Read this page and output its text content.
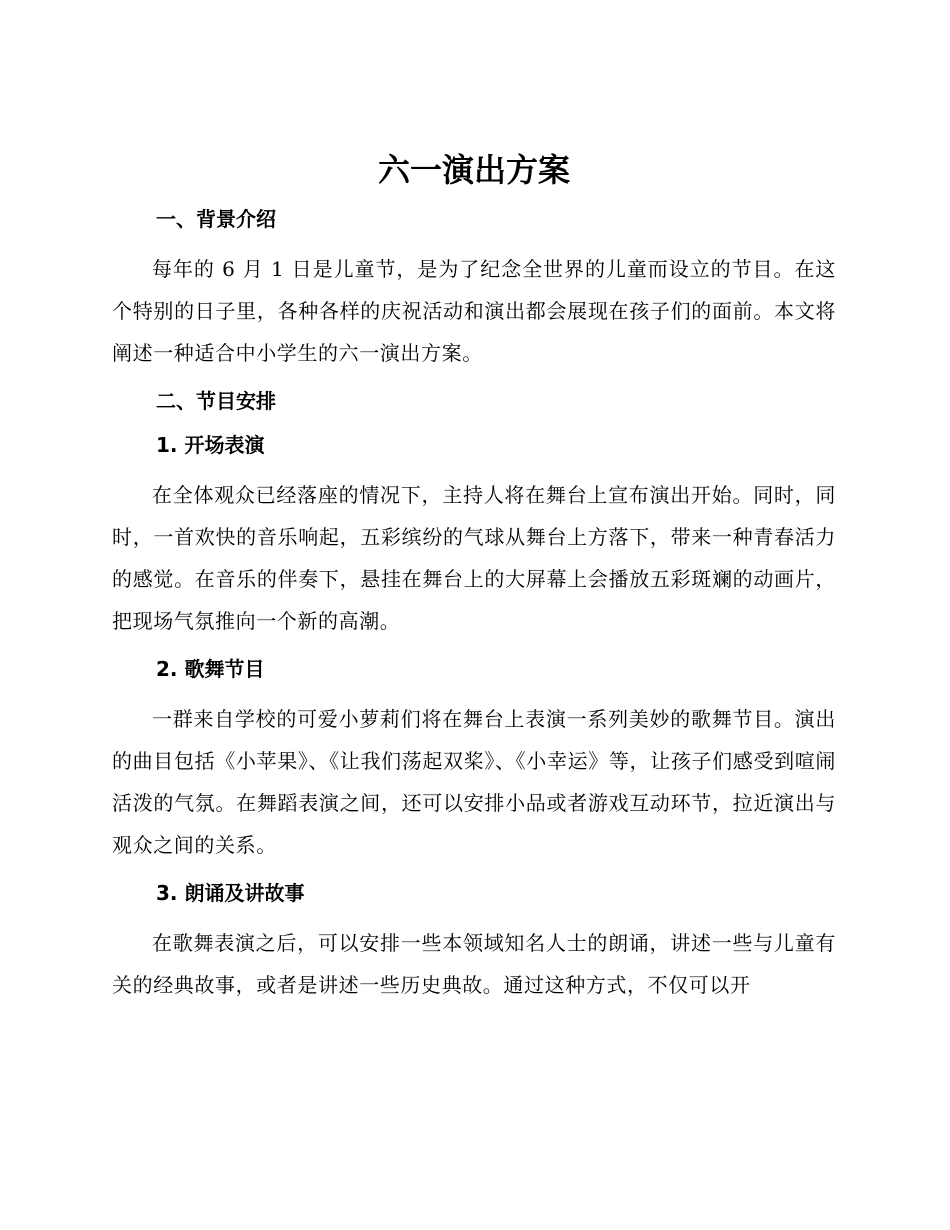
六一演出方案
一、背景介绍

每年的 6 月 1 日是儿童节，是为了纪念全世界的儿童而设立的节目。在这个特别的日子里，各种各样的庆祝活动和演出都会展现在孩子们的面前。本文将阐述一种适合中小学生的六一演出方案。

二、节目安排
1. 开场表演

在全体观众已经落座的情况下，主持人将在舞台上宣布演出开始。同时，同时，一首欢快的音乐响起，五彩缤纷的气球从舞台上方落下，带来一种青春活力的感觉。在音乐的伴奏下，悬挂在舞台上的大屏幕上会播放五彩斑斓的动画片，把现场气氛推向一个新的高潮。

2. 歌舞节目

一群来自学校的可爱小萝莉们将在舞台上表演一系列美妙的歌舞节目。演出的曲目包括《小苹果》、《让我们荡起双桨》、《小幸运》等，让孩子们感受到喧闹活泼的气氛。在舞蹈表演之间，还可以安排小品或者游戏互动环节，拉近演出与观众之间的关系。

3. 朗诵及讲故事

在歌舞表演之后，可以安排一些本领域知名人士的朗诵，讲述一些与儿童有关的经典故事，或者是讲述一些历史典故。通过这种方式，不仅可以开
